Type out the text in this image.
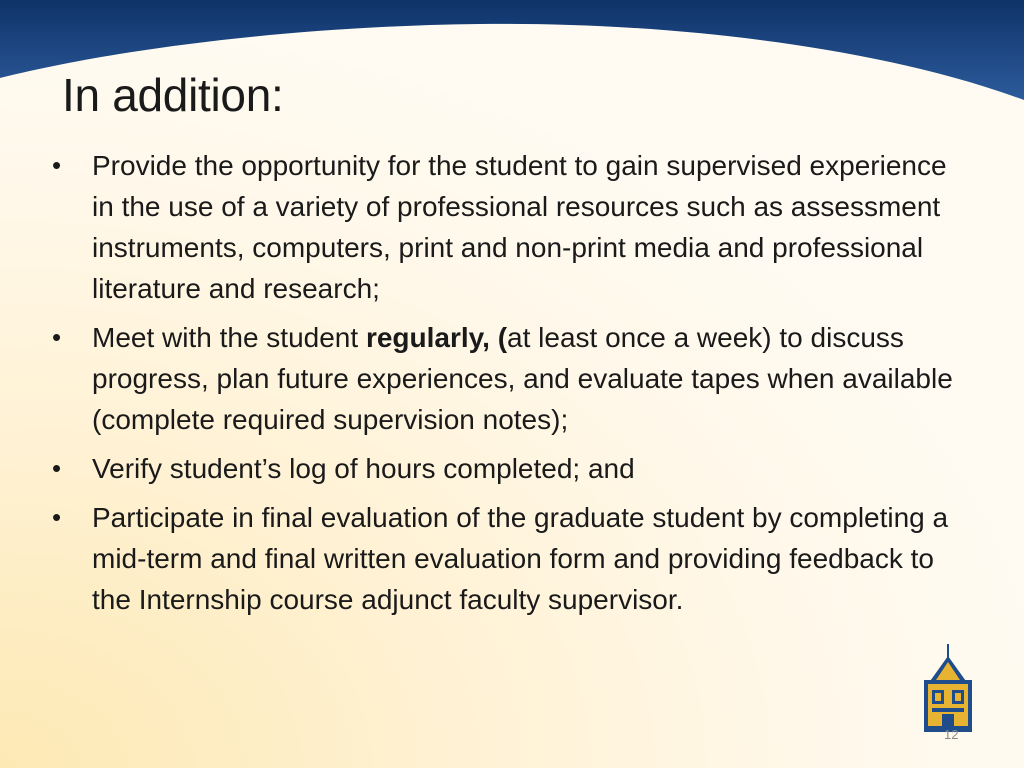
In addition:
• Provide the opportunity for the student to gain supervised experience in the use of a variety of professional resources such as assessment instruments, computers, print and non-print media and professional literature and research;
• Meet with the student regularly, (at least once a week) to discuss progress, plan future experiences, and evaluate tapes when available (complete required supervision notes);
• Verify student’s log of hours completed; and
• Participate in final evaluation of the graduate student by completing a mid-term and final written evaluation form and providing feedback to the Internship course adjunct faculty supervisor.
12
